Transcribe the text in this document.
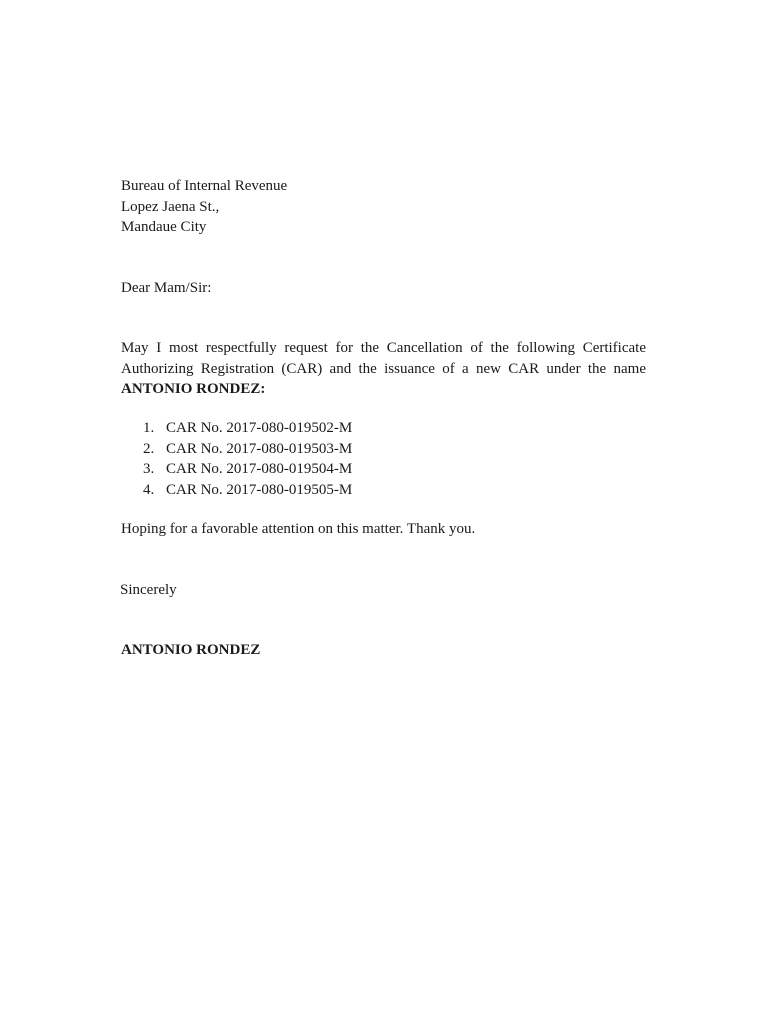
Bureau of Internal Revenue
Lopez Jaena St.,
Mandaue City
Dear Mam/Sir:
May I most respectfully request for the Cancellation of the following Certificate Authorizing Registration (CAR) and the issuance of a new CAR under the name ANTONIO RONDEZ:
1. CAR No. 2017-080-019502-M
2. CAR No. 2017-080-019503-M
3. CAR No. 2017-080-019504-M
4. CAR No. 2017-080-019505-M
Hoping for a favorable attention on this matter. Thank you.
Sincerely
ANTONIO RONDEZ
